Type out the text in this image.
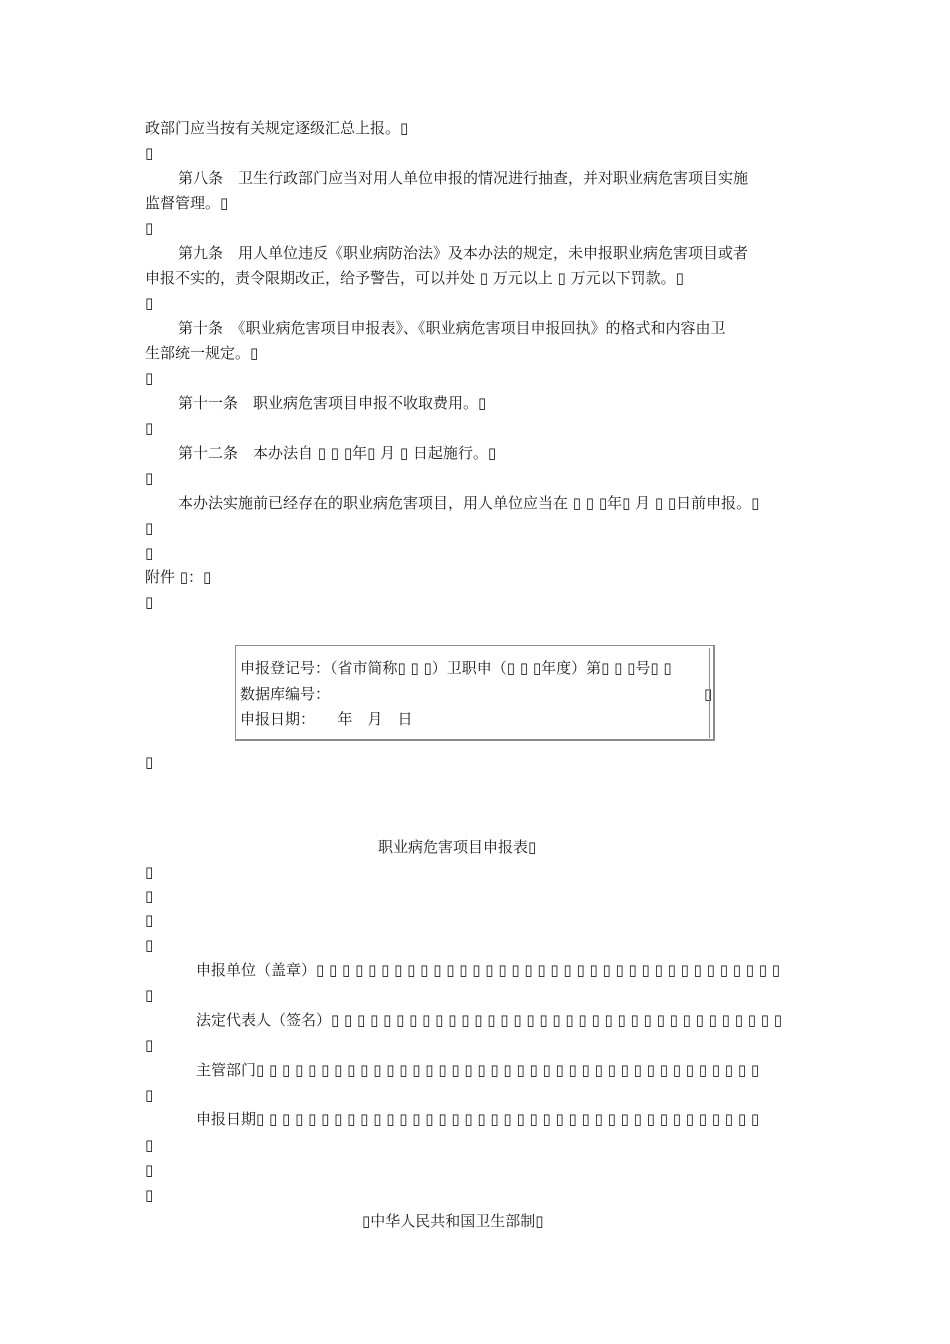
政部门应当按有关规定逐级汇总上报。▯
▯
第八条　卫生行政部门应当对用人单位申报的情况进行抽查，并对职业病危害项目实施
监督管理。▯
▯
第九条　用人单位违反《职业病防治法》及本办法的规定，未申报职业病危害项目或者
申报不实的，责令限期改正，给予警告，可以并处 ▯ 万元以上 ▯ 万元以下罚款。▯
▯
第十条　《职业病危害项目申报表》、《职业病危害项目申报回执》的格式和内容由卫
生部统一规定。▯
▯
第十一条　职业病危害项目申报不收取费用。▯
▯
第十二条　本办法自 ▯ ▯ ▯年▯ 月 ▯ 日起施行。▯
▯
本办法实施前已经存在的职业病危害项目，用人单位应当在 ▯ ▯ ▯年▯ 月 ▯ ▯日前申报。▯
▯
▯
附件 ▯：▯
▯
申报登记号：（省市简称▯ ▯ ▯）卫职申（▯ ▯ ▯年度）第▯ ▯ ▯号▯ ▯
数据库编号：	▯
申报日期：　　年　月　日
▯
职业病危害项目申报表▯
▯
▯
▯
▯
申报单位（盖章）▯ ▯ ▯ ▯ ▯ ▯ ▯ ▯ ▯ ▯ ▯ ▯ ▯ ▯ ▯ ▯ ▯ ▯ ▯ ▯ ▯ ▯ ▯ ▯ ▯ ▯ ▯ ▯ ▯ ▯ ▯ ▯ ▯ ▯ ▯ ▯
▯
法定代表人（签名）▯ ▯ ▯ ▯ ▯ ▯ ▯ ▯ ▯ ▯ ▯ ▯ ▯ ▯ ▯ ▯ ▯ ▯ ▯ ▯ ▯ ▯ ▯ ▯ ▯ ▯ ▯ ▯ ▯ ▯ ▯ ▯ ▯ ▯ ▯
▯
主管部门▯ ▯ ▯ ▯ ▯ ▯ ▯ ▯ ▯ ▯ ▯ ▯ ▯ ▯ ▯ ▯ ▯ ▯ ▯ ▯ ▯ ▯ ▯ ▯ ▯ ▯ ▯ ▯ ▯ ▯ ▯ ▯ ▯ ▯ ▯ ▯ ▯ ▯ ▯
▯
申报日期▯ ▯ ▯ ▯ ▯ ▯ ▯ ▯ ▯ ▯ ▯ ▯ ▯ ▯ ▯ ▯ ▯ ▯ ▯ ▯ ▯ ▯ ▯ ▯ ▯ ▯ ▯ ▯ ▯ ▯ ▯ ▯ ▯ ▯ ▯ ▯ ▯ ▯ ▯
▯
▯
▯
▯中华人民共和国卫生部制▯
